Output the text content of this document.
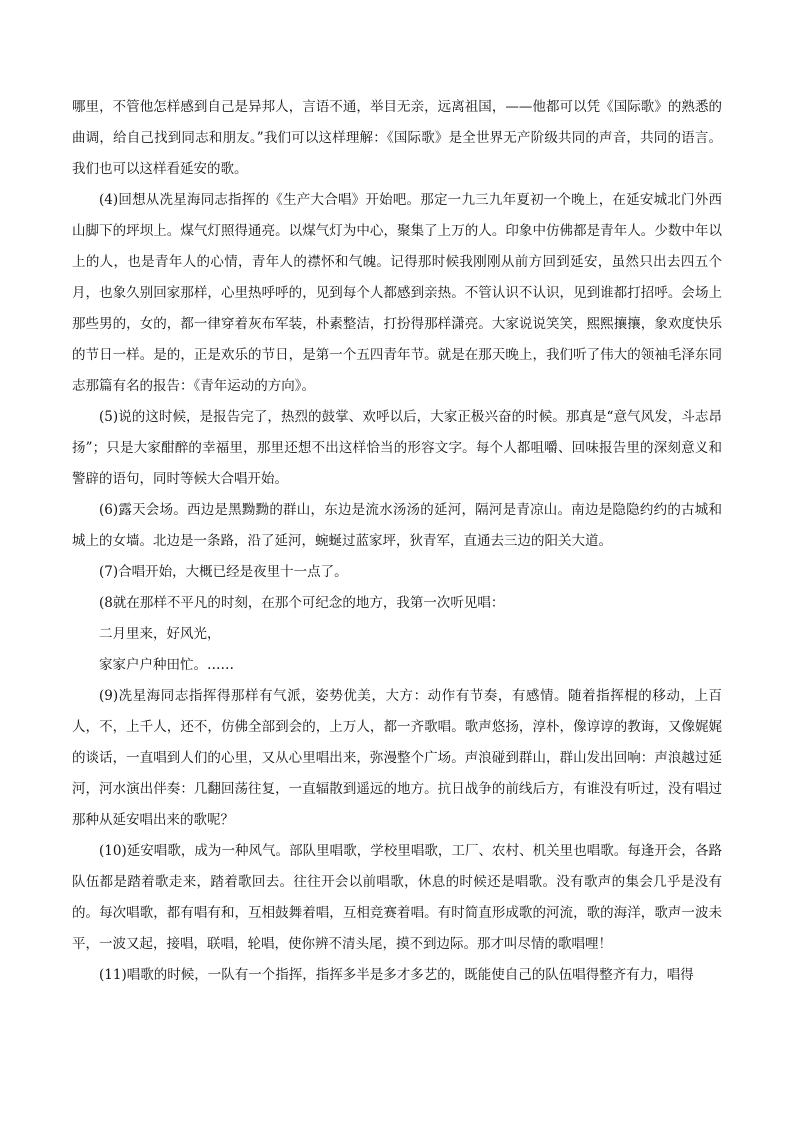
哪里，不管他怎样感到自己是异邦人，言语不通，举目无亲，远离祖国，——他都可以凭《国际歌》的熟悉的曲调，给自己找到同志和朋友。”我们可以这样理解：《国际歌》是全世界无产阶级共同的声音，共同的语言。我们也可以这样看延安的歌。

(4)回想从冼星海同志指挥的《生产大合唱》开始吧。那定一九三九年夏初一个晚上，在延安城北门外西山脚下的坪坝上。煤气灯照得通亮。以煤气灯为中心，聚集了上万的人。印象中仿佛都是青年人。少数中年以上的人，也是青年人的心情，青年人的襟怀和气魄。记得那时候我刚刚从前方回到延安，虽然只出去四五个月，也象久别回家那样，心里热呼呼的，见到每个人都感到亲热。不管认识不认识，见到谁都打招呼。会场上那些男的，女的，都一律穿着灰布军装，朴素整洁，打扮得那样潇亮。大家说说笑笑，熙熙攘攘，象欢度快乐的节日一样。是的，正是欢乐的节日，是第一个五四青年节。就是在那天晚上，我们听了伟大的领袖毛泽东同志那篇有名的报告：《青年运动的方向》。

(5)说的这时候，是报告完了，热烈的鼓掌、欢呼以后，大家正极兴奋的时候。那真是“意气风发，斗志昂扬”；只是大家酣醉的幸福里，那里还想不出这样恰当的形容文字。每个人都咀嚼、回味报告里的深刻意义和警辟的语句，同时等候大合唱开始。

(6)露天会场。西边是黑黝黝的群山，东边是流水汤汤的延河，隔河是青凉山。南边是隐隐约约的古城和城上的女墙。北边是一条路，沿了延河，蜿蜒过蓝家坪，狄青军，直通去三边的阳关大道。

(7)合唱开始，大概已经是夜里十一点了。

(8就在那样不平凡的时刻，在那个可纪念的地方，我第一次听见唱：

二月里来，好风光，

家家户户种田忙。……

(9)冼星海同志指挥得那样有气派，姿势优美，大方：动作有节奏，有感情。随着指挥棍的移动，上百人，不，上千人，还不，仿佛全部到会的，上万人，都一齐歌唱。歌声悠扬，淳朴，像谆谆的教诲，又像娓娓的谈话，一直唱到人们的心里，又从心里唱出来，弥漫整个广场。声浪碰到群山，群山发出回响：声浪越过延河，河水演出伴奏：几翻回荡往复，一直辐散到遥远的地方。抗日战争的前线后方，有谁没有听过，没有唱过那种从延安唱出来的歌呢？

(10)延安唱歌，成为一种风气。部队里唱歌，学校里唱歌，工厂、农村、机关里也唱歌。每逢开会，各路队伍都是踏着歌走来，踏着歌回去。往往开会以前唱歌，休息的时候还是唱歌。没有歌声的集会几乎是没有的。每次唱歌，都有唱有和，互相鼓舞着唱，互相竞赛着唱。有时简直形成歌的河流，歌的海洋，歌声一波未平，一波又起，接唱，联唱，轮唱，使你辨不清头尾，摸不到边际。那才叫尽情的歌唱哩！

(11)唱歌的时候，一队有一个指挥，指挥多半是多才多艺的，既能使自己的队伍唱得整齐有力，唱得
